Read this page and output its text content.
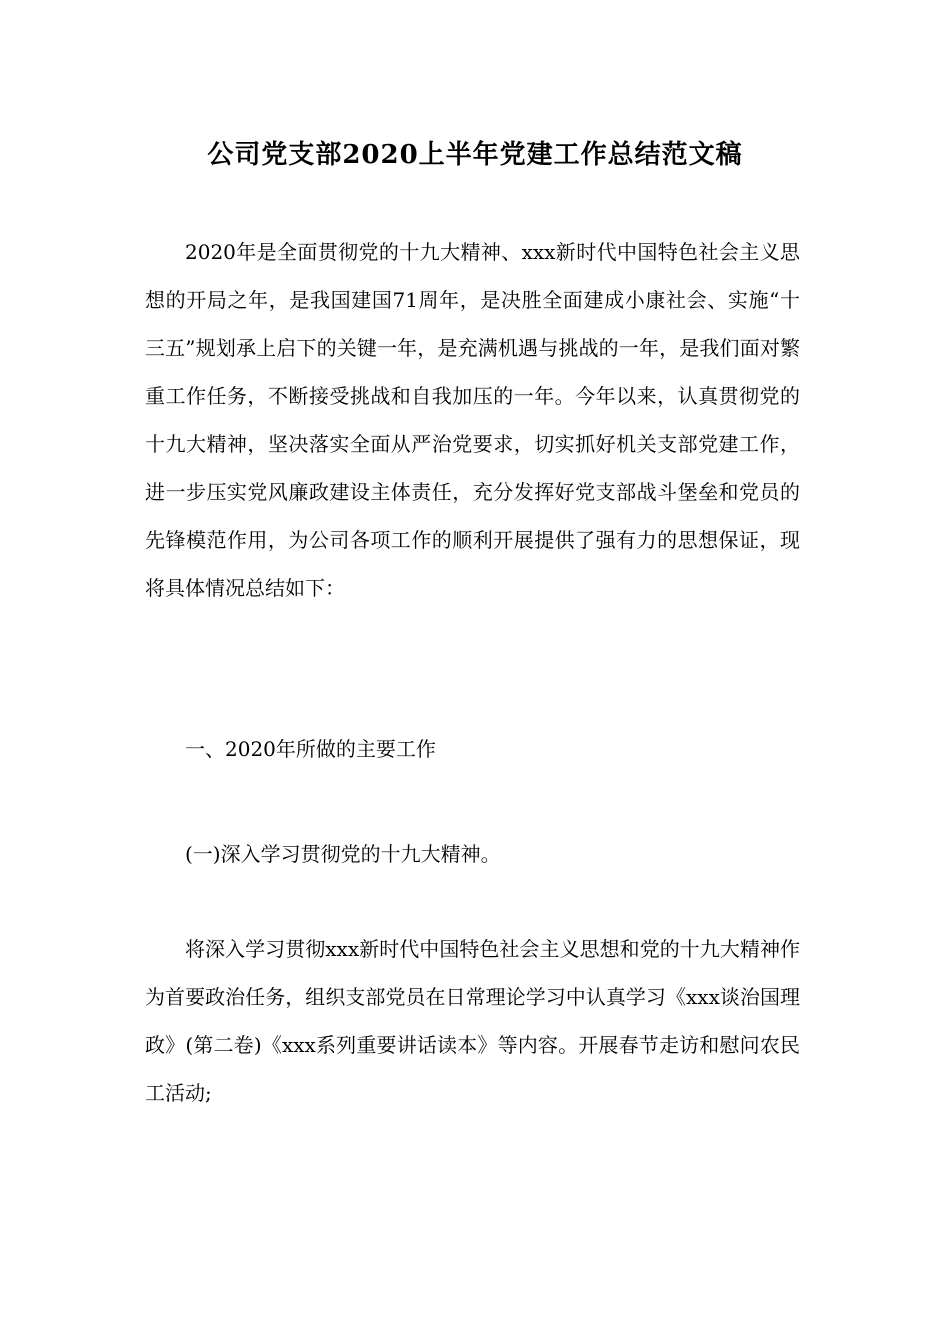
公司党支部2020上半年党建工作总结范文稿

2020年是全面贯彻党的十九大精神、xxx新时代中国特色社会主义思想的开局之年，是我国建国71周年，是决胜全面建成小康社会、实施“十三五”规划承上启下的关键一年，是充满机遇与挑战的一年，是我们面对繁重工作任务，不断接受挑战和自我加压的一年。今年以来，认真贯彻党的十九大精神，坚决落实全面从严治党要求，切实抓好机关支部党建工作，进一步压实党风廉政建设主体责任，充分发挥好党支部战斗堡垒和党员的先锋模范作用，为公司各项工作的顺利开展提供了强有力的思想保证，现将具体情况总结如下：

一、2020年所做的主要工作

(一)深入学习贯彻党的十九大精神。

将深入学习贯彻xxx新时代中国特色社会主义思想和党的十九大精神作为首要政治任务，组织支部党员在日常理论学习中认真学习《xxx谈治国理政》(第二卷)《xxx系列重要讲话读本》等内容。开展春节走访和慰问农民工活动;
